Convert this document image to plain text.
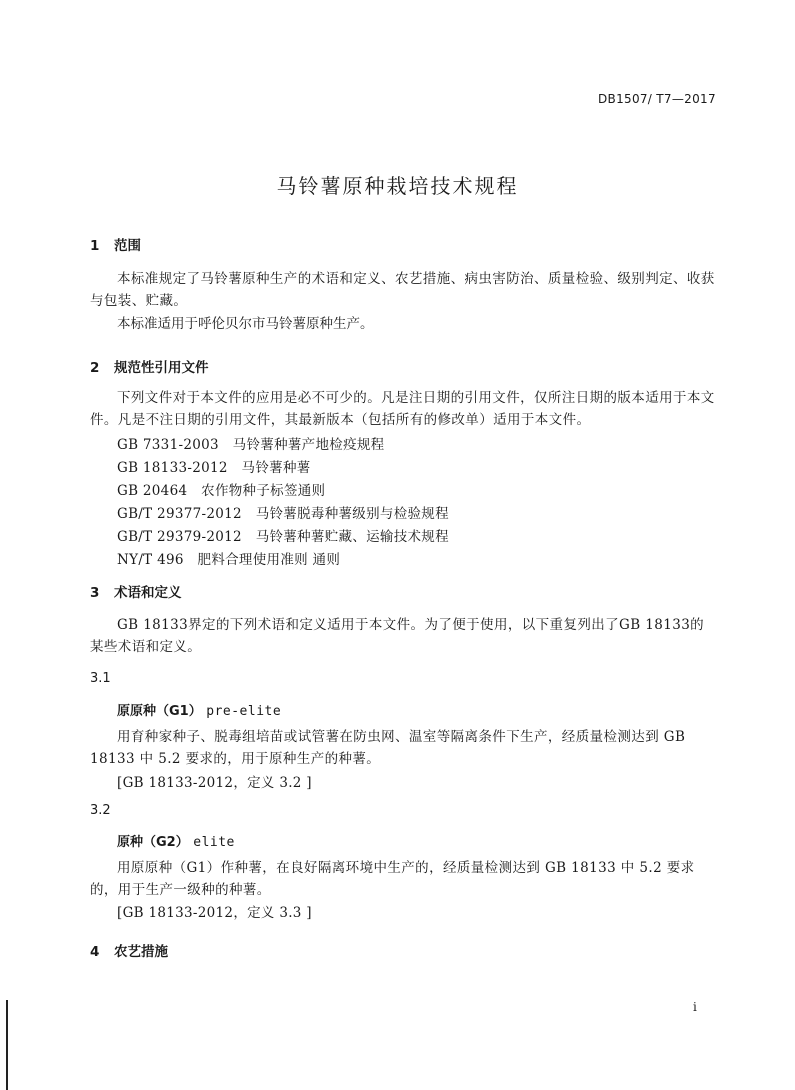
DB1507/ T7—2017
马铃薯原种栽培技术规程
1 范围
本标准规定了马铃薯原种生产的术语和定义、农艺措施、病虫害防治、质量检验、级别判定、收获与包装、贮藏。
本标准适用于呼伦贝尔市马铃薯原种生产。
2 规范性引用文件
下列文件对于本文件的应用是必不可少的。凡是注日期的引用文件，仅所注日期的版本适用于本文件。凡是不注日期的引用文件，其最新版本（包括所有的修改单）适用于本文件。
GB 7331-2003　马铃薯种薯产地检疫规程
GB 18133-2012　马铃薯种薯
GB 20464　农作物种子标签通则
GB/T 29377-2012　马铃薯脱毒种薯级别与检验规程
GB/T 29379-2012　马铃薯种薯贮藏、运输技术规程
NY/T 496　肥料合理使用准则 通则
3 术语和定义
GB 18133界定的下列术语和定义适用于本文件。为了便于使用，以下重复列出了GB 18133的某些术语和定义。
3.1
原原种（G1） pre-elite
用育种家种子、脱毒组培苗或试管薯在防虫网、温室等隔离条件下生产，经质量检测达到 GB 18133 中 5.2 要求的，用于原种生产的种薯。
[GB 18133-2012，定义 3.2 ]
3.2
原种（G2） elite
用原原种（G1）作种薯，在良好隔离环境中生产的，经质量检测达到 GB 18133 中 5.2 要求的，用于生产一级种的种薯。
[GB 18133-2012，定义 3.3 ]
4 农艺措施
i
